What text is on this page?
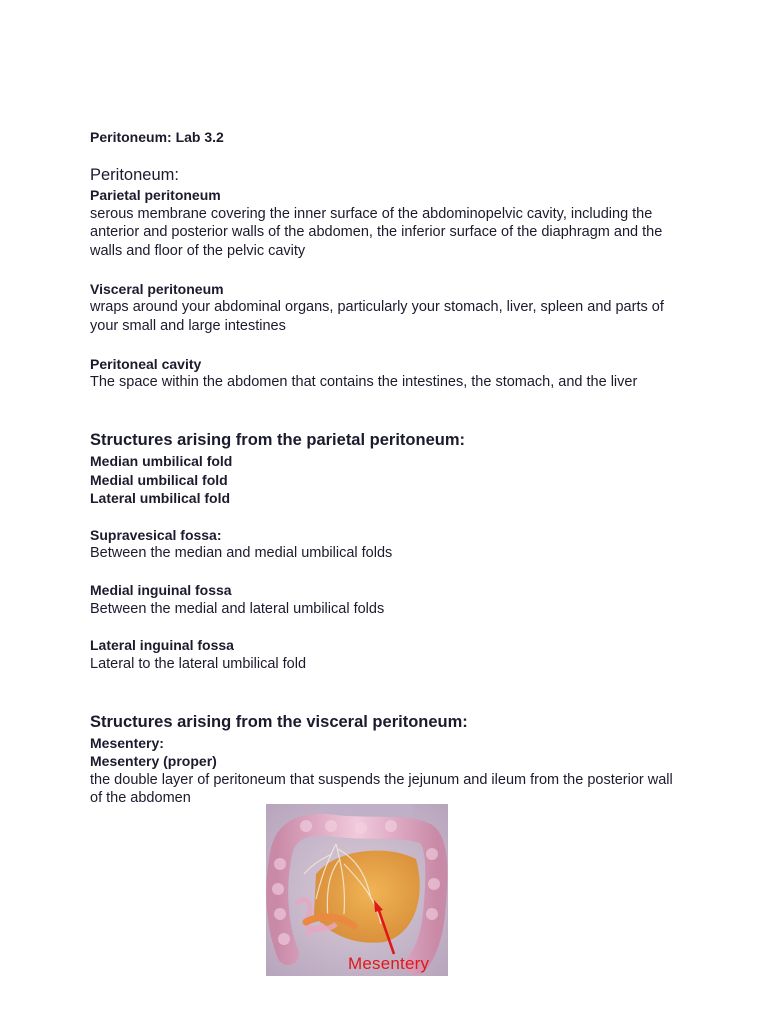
Peritoneum: Lab 3.2
Peritoneum:
Parietal peritoneum
serous membrane covering the inner surface of the abdominopelvic cavity, including the anterior and posterior walls of the abdomen, the inferior surface of the diaphragm and the walls and floor of the pelvic cavity
Visceral peritoneum
wraps around your abdominal organs, particularly your stomach, liver, spleen and parts of your small and large intestines
Peritoneal cavity
The space within the abdomen that contains the intestines, the stomach, and the liver
Structures arising from the parietal peritoneum:
Median umbilical fold
Medial umbilical fold
Lateral umbilical fold
Supravesical fossa:
Between the median and medial umbilical folds
Medial inguinal fossa
Between the medial and lateral umbilical folds
Lateral inguinal fossa
Lateral to the lateral umbilical fold
Structures arising from the visceral peritoneum:
Mesentery:
Mesentery (proper)
the double layer of peritoneum that suspends the jejunum and ileum from the posterior wall of the abdomen
Mesentery
